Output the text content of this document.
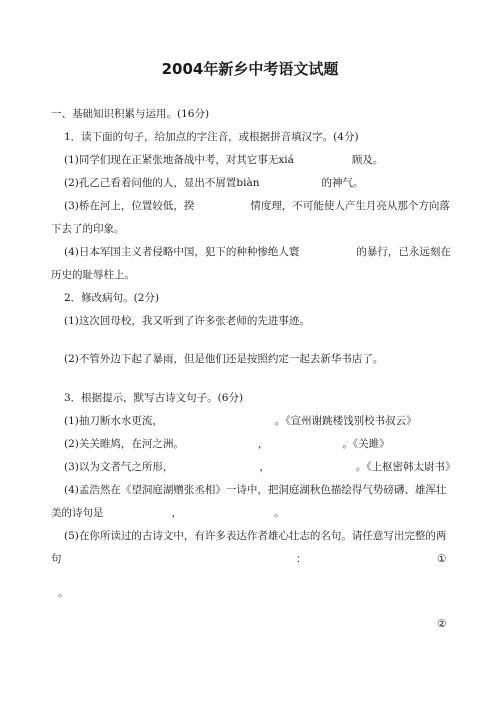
2004年新乡中考语文试题
一、基础知识积累与运用。(16分)
1．读下面的句子，给加点的字注音，或根据拼音填汉字。(4分)
(1)同学们现在正紧张地备战中考，对其它事无xiá	顾及。
(2)孔乙己看着问他的人，显出不屑置biàn	的神气。
(3)桥在河上，位置较低，揆	情度理，不可能使人产生月亮从那个方向落
下去了的印象。
(4)日本军国主义者侵略中国，犯下的种种惨绝人寰	的暴行，已永远刻在
历史的耻辱柱上。
2．修改病句。(2分)
(1)这次回母校，我又听到了许多张老师的先进事迹。
(2)不管外边下起了暴雨，但是他们还是按照约定一起去新华书店了。
3．根据提示，默写古诗文句子。(6分)
(1)抽刀断水水更流，	。《宣州谢跳楼饯别校书叔云》
(2)关关睢鸠，在河之洲。	，	。《关雎》
(3)以为文者气之所形，	，	。《上枢密韩太尉书》
(4)孟浩然在《望洞庭湖赠张丞相》一诗中，把洞庭湖秋色描绘得气势磅礴、雄浑壮
美的诗句是	，	。
(5)在你所读过的古诗文中，有许多表达作者雄心壮志的名句。请任意写出完整的两
句	：	①
。
②
